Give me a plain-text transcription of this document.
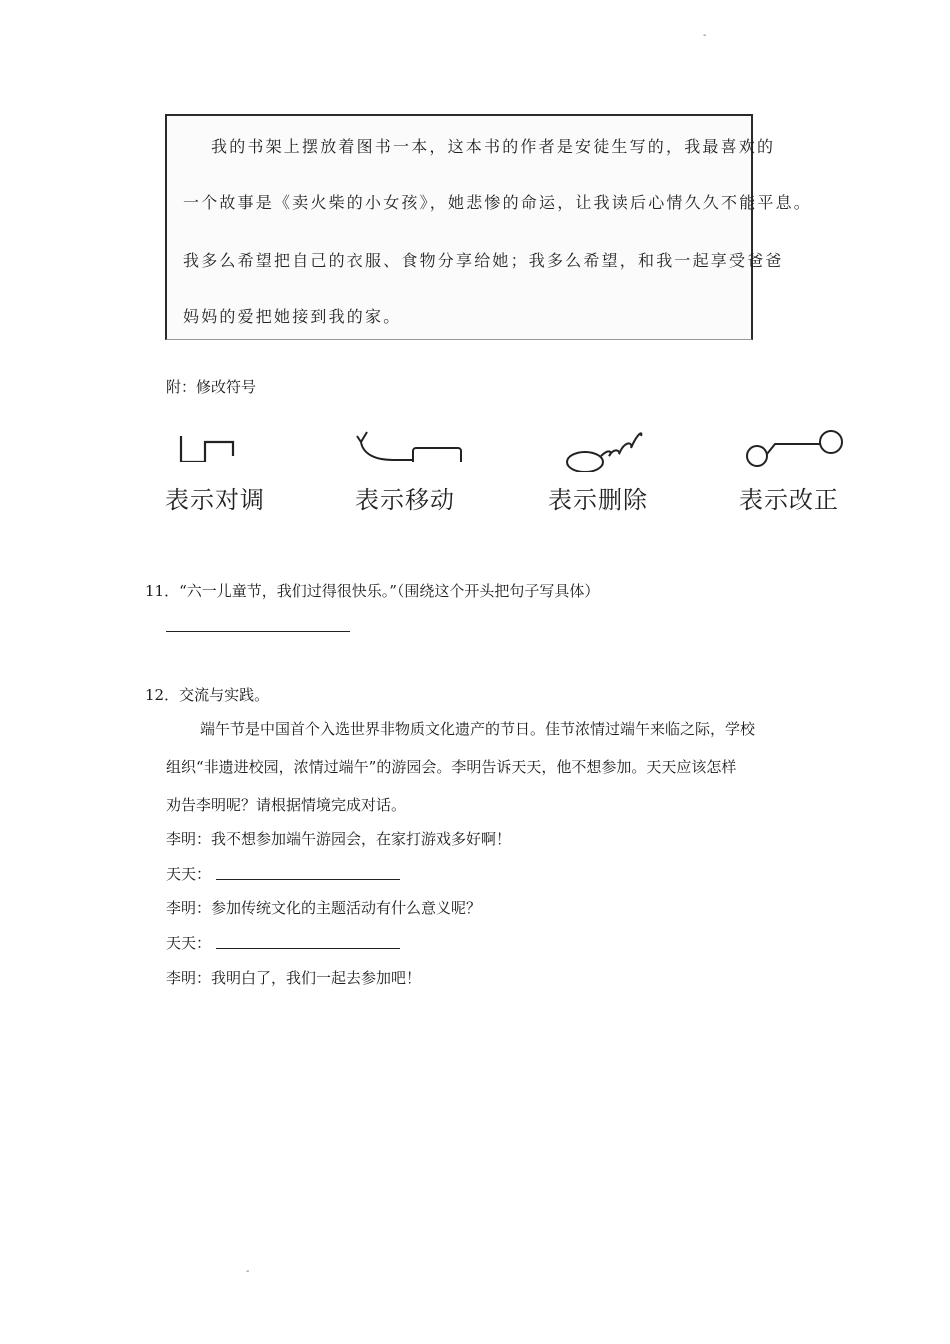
-
我的书架上摆放着图书一本，这本书的作者是安徒生写的，我最喜欢的
一个故事是《卖火柴的小女孩》，她悲惨的命运，让我读后心情久久不能平息。
我多么希望把自己的衣服、食物分享给她；我多么希望，和我一起享受爸爸
妈妈的爱把她接到我的家。
附：修改符号
表示对调	表示移动	表示删除	表示改正
11．“六一儿童节，我们过得很快乐。”（围绕这个开头把句子写具体）
12．交流与实践。
端午节是中国首个入选世界非物质文化遗产的节日。佳节浓情过端午来临之际，学校
组织“非遗进校园，浓情过端午”的游园会。李明告诉天天，他不想参加。天天应该怎样
劝告李明呢？请根据情境完成对话。
李明：我不想参加端午游园会，在家打游戏多好啊！
天天：
李明：参加传统文化的主题活动有什么意义呢？
天天：
李明：我明白了，我们一起去参加吧！
-
